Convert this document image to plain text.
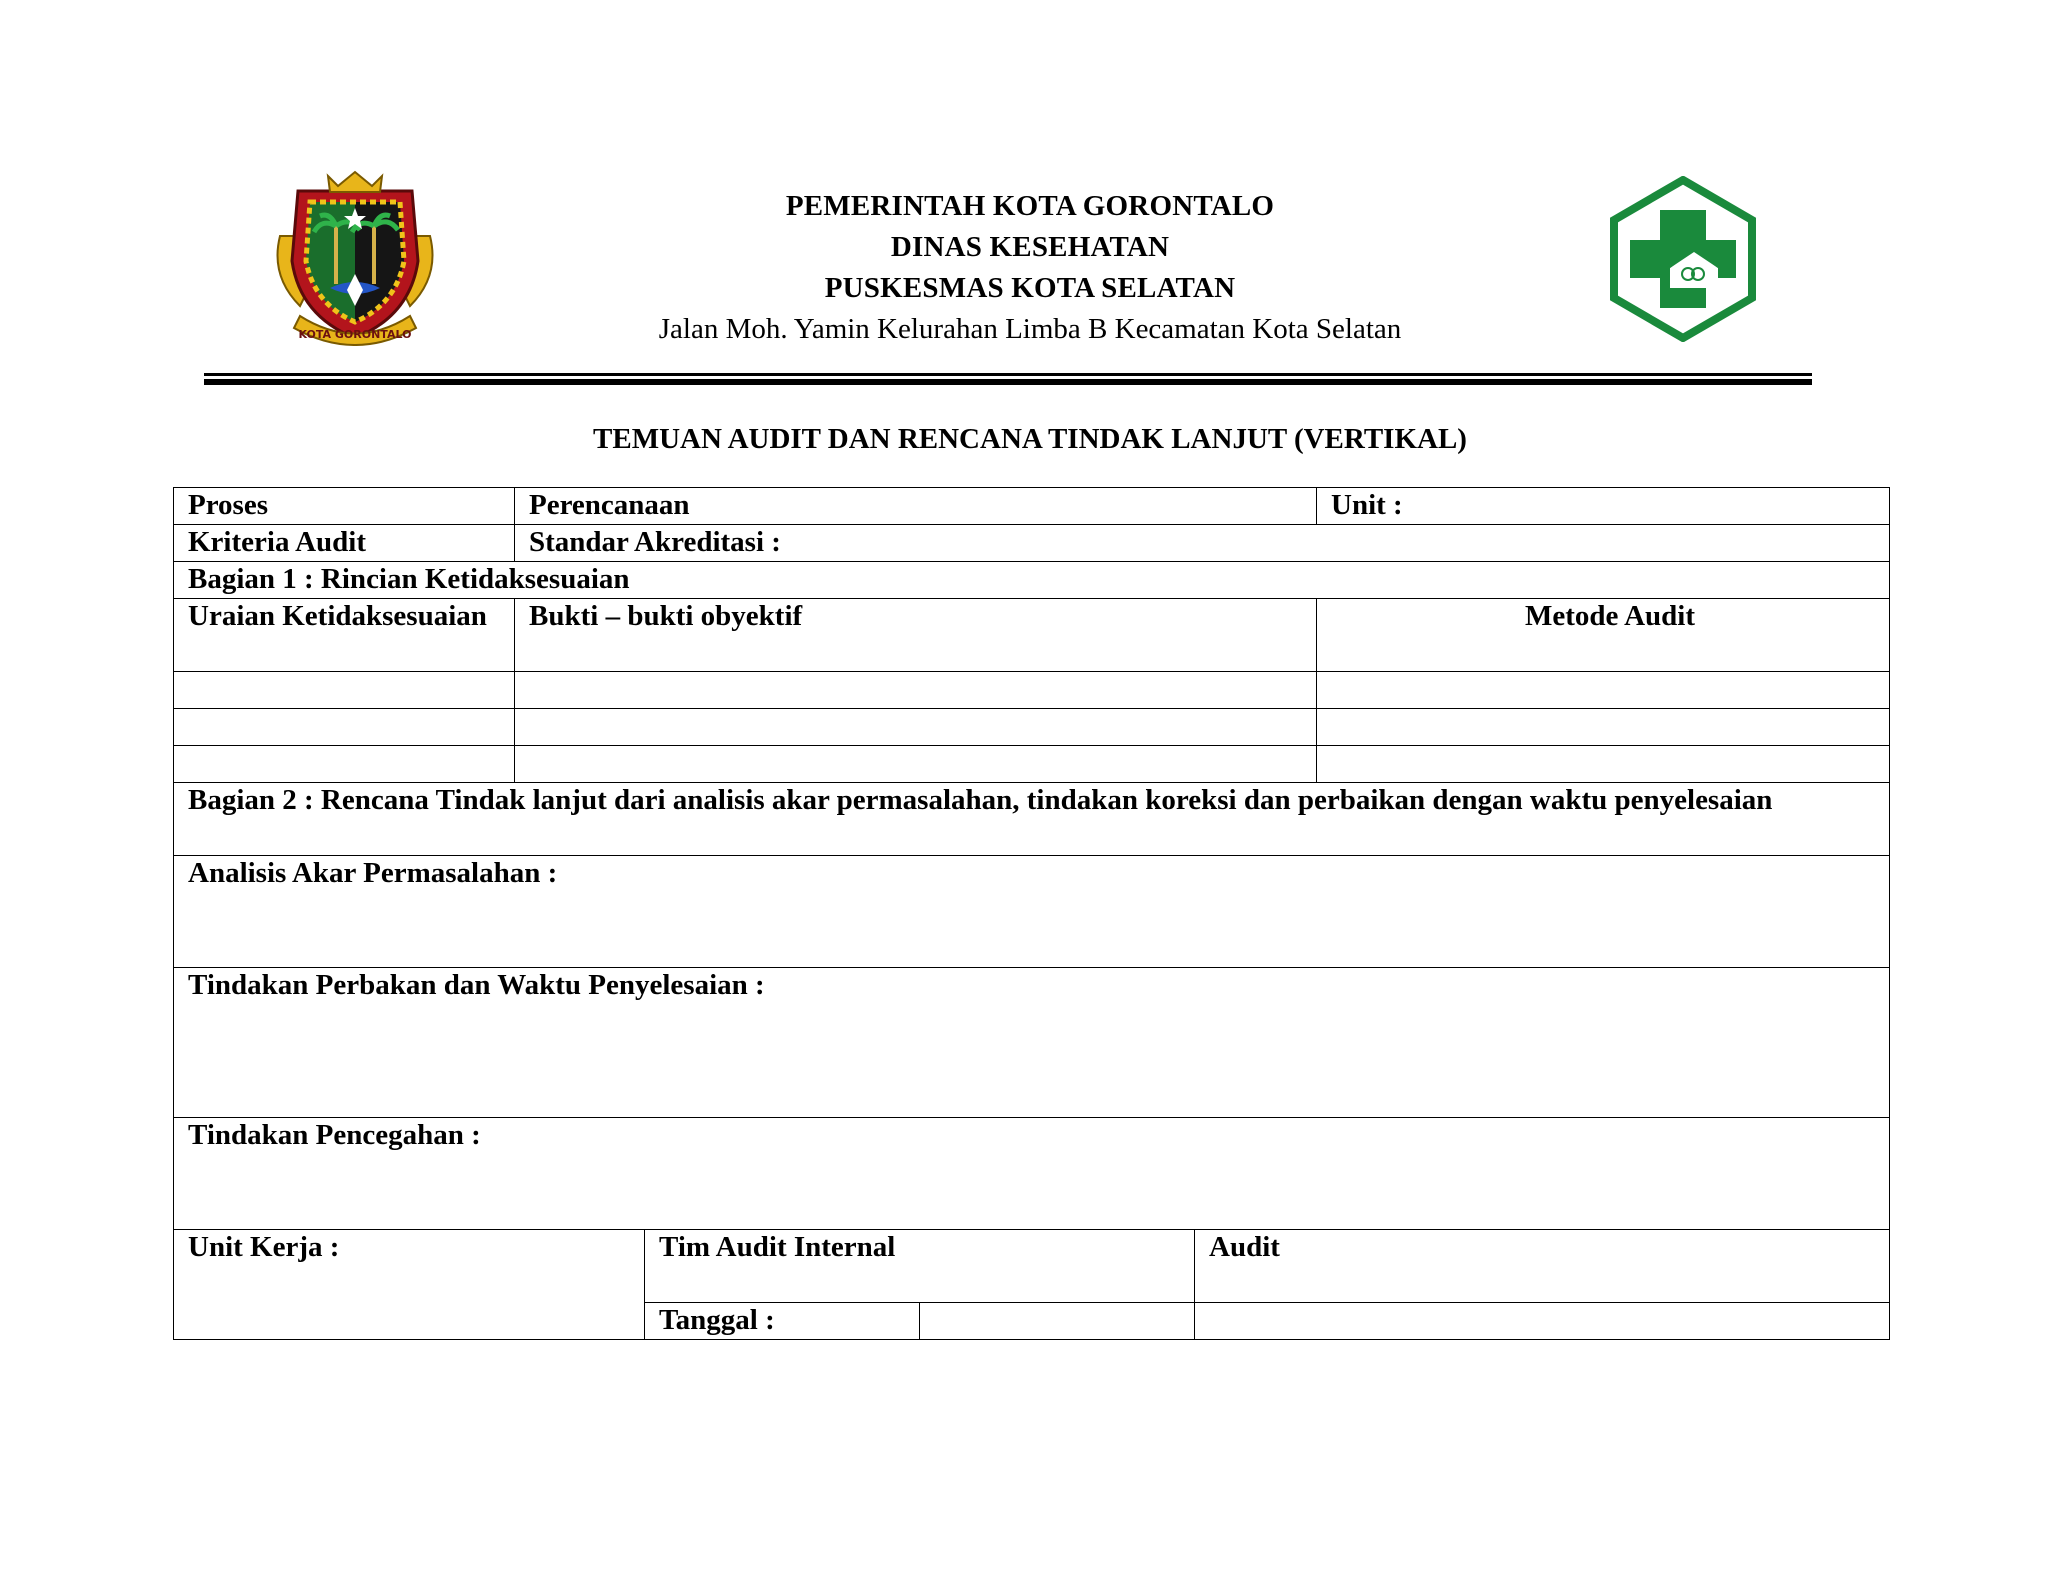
KOTA GORONTALO
PEMERINTAH KOTA GORONTALO
DINAS KESEHATAN
PUSKESMAS KOTA SELATAN
Jalan Moh. Yamin Kelurahan Limba B Kecamatan Kota Selatan
TEMUAN AUDIT DAN RENCANA TINDAK LANJUT (VERTIKAL)
Proses	Perencanaan	Unit :
Kriteria Audit	Standar Akreditasi :	
Bagian 1 : Rincian Ketidaksesuaian		
Uraian Ketidaksesuaian	Bukti – bukti obyektif	Metode Audit

Bagian 2 : Rencana Tindak lanjut dari analisis akar permasalahan, tindakan koreksi dan perbaikan dengan waktu penyelesaian		
Analisis Akar Permasalahan :		
Tindakan Perbakan dan Waktu Penyelesaian :		
Tindakan Pencegahan :		
Unit Kerja :	Tim Audit Internal		Audit
	Tanggal :		
